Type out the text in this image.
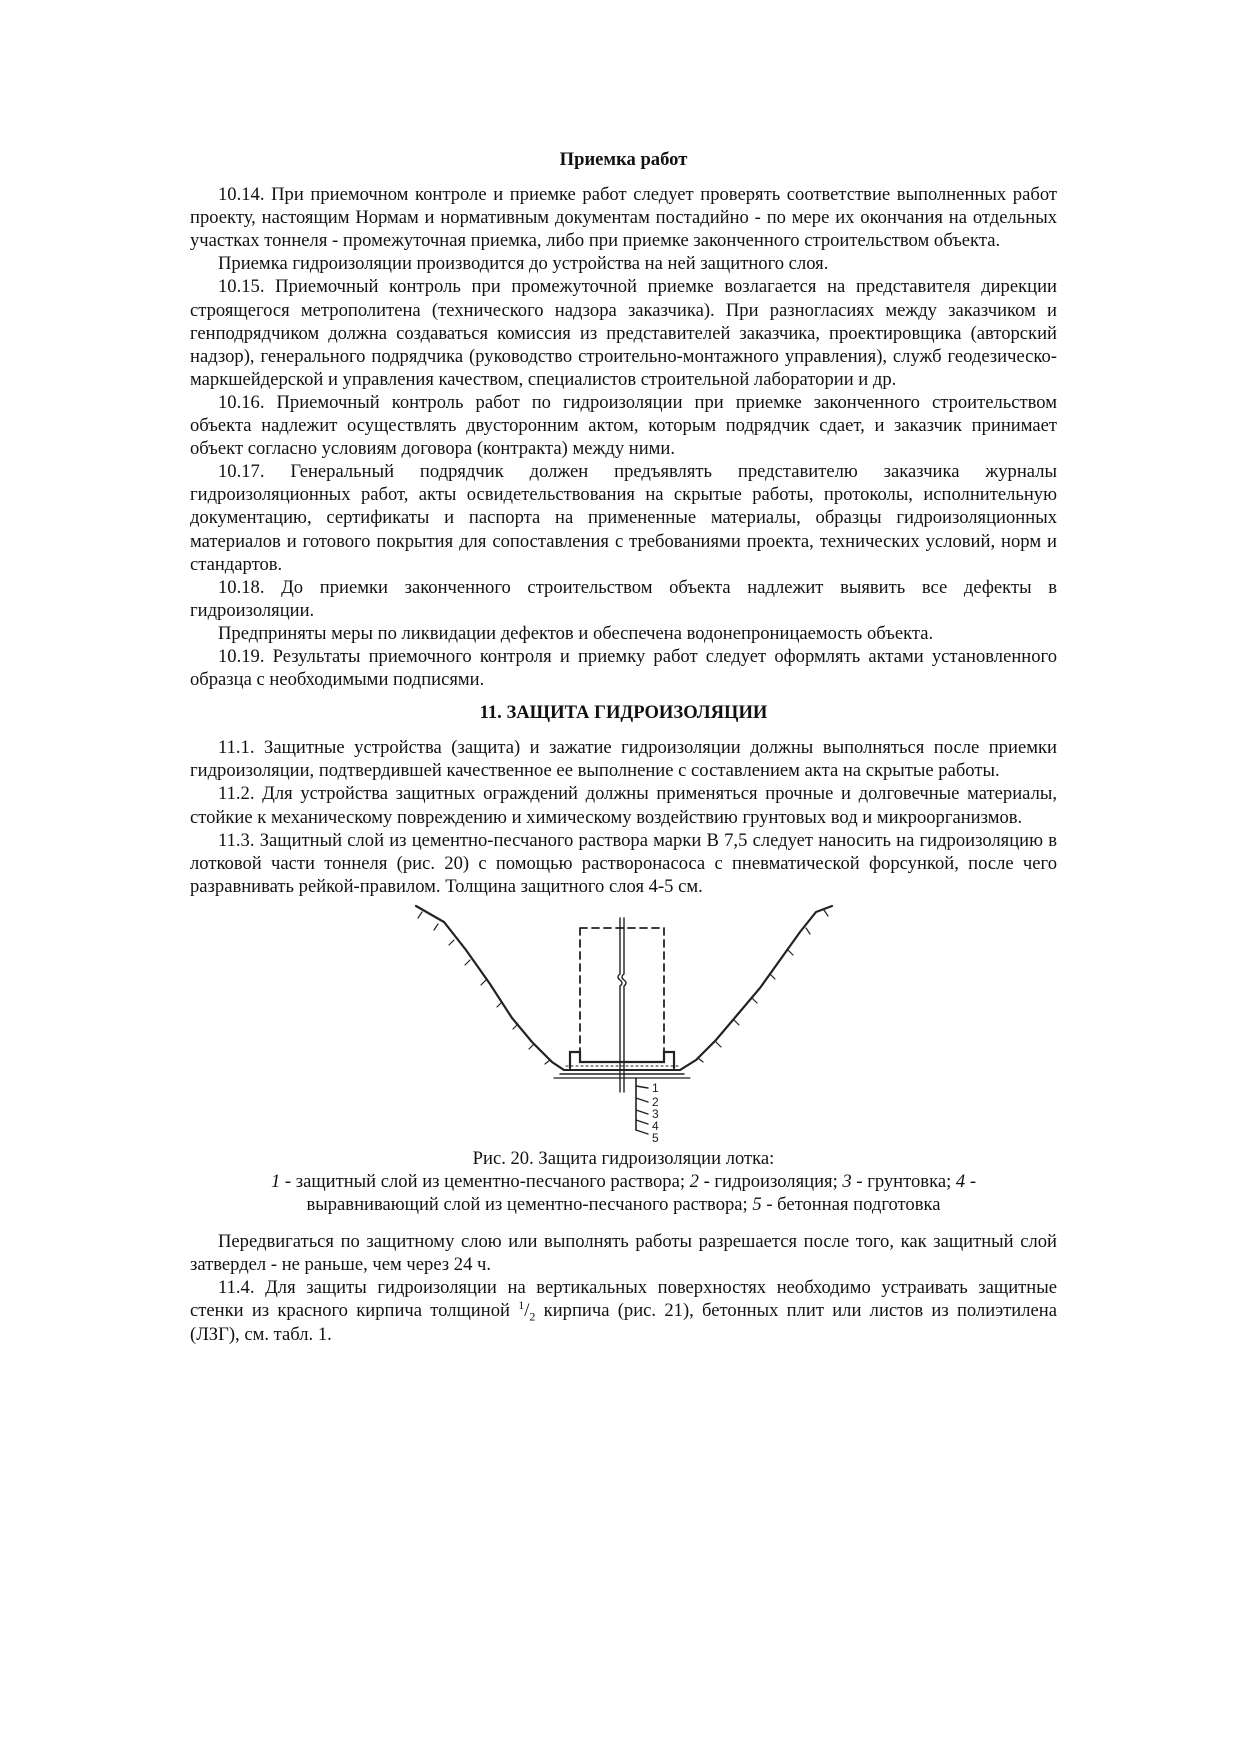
Приемка работ

10.14. При приемочном контроле и приемке работ следует проверять соответствие выполненных работ проекту, настоящим Нормам и нормативным документам постадийно - по мере их окончания на отдельных участках тоннеля - промежуточная приемка, либо при приемке законченного строительством объекта.

Приемка гидроизоляции производится до устройства на ней защитного слоя.

10.15. Приемочный контроль при промежуточной приемке возлагается на представителя дирекции строящегося метрополитена (технического надзора заказчика). При разногласиях между заказчиком и генподрядчиком должна создаваться комиссия из представителей заказчика, проектировщика (авторский надзор), генерального подрядчика (руководство строительно-монтажного управления), служб геодезическо-маркшейдерской и управления качеством, специалистов строительной лаборатории и др.

10.16. Приемочный контроль работ по гидроизоляции при приемке законченного строительством объекта надлежит осуществлять двусторонним актом, которым подрядчик сдает, и заказчик принимает объект согласно условиям договора (контракта) между ними.

10.17. Генеральный подрядчик должен предъявлять представителю заказчика журналы гидроизоляционных работ, акты освидетельствования на скрытые работы, протоколы, исполнительную документацию, сертификаты и паспорта на примененные материалы, образцы гидроизоляционных материалов и готового покрытия для сопоставления с требованиями проекта, технических условий, норм и стандартов.

10.18. До приемки законченного строительством объекта надлежит выявить все дефекты в гидроизоляции.

Предприняты меры по ликвидации дефектов и обеспечена водонепроницаемость объекта.

10.19. Результаты приемочного контроля и приемку работ следует оформлять актами установленного образца с необходимыми подписями.

11. ЗАЩИТА ГИДРОИЗОЛЯЦИИ

11.1. Защитные устройства (защита) и зажатие гидроизоляции должны выполняться после приемки гидроизоляции, подтвердившей качественное ее выполнение с составлением акта на скрытые работы.

11.2. Для устройства защитных ограждений должны применяться прочные и долговечные материалы, стойкие к механическому повреждению и химическому воздействию грунтовых вод и микроорганизмов.

11.3. Защитный слой из цементно-песчаного раствора марки В 7,5 следует наносить на гидроизоляцию в лотковой части тоннеля (рис. 20) с помощью растворонасоса с пневматической форсункой, после чего разравнивать рейкой-правилом. Толщина защитного слоя 4-5 см.

1
2
3
4
5

Рис. 20. Защита гидроизоляции лотка:

1 - защитный слой из цементно-песчаного раствора; 2 - гидроизоляция; 3 - грунтовка; 4 - выравнивающий слой из цементно-песчаного раствора; 5 - бетонная подготовка

Передвигаться по защитному слою или выполнять работы разрешается после того, как защитный слой затвердел - не раньше, чем через 24 ч.

11.4. Для защиты гидроизоляции на вертикальных поверхностях необходимо устраивать защитные стенки из красного кирпича толщиной $^1/_2$ кирпича (рис. 21), бетонных плит или листов из полиэтилена (ЛЗГ), см. табл. 1.
